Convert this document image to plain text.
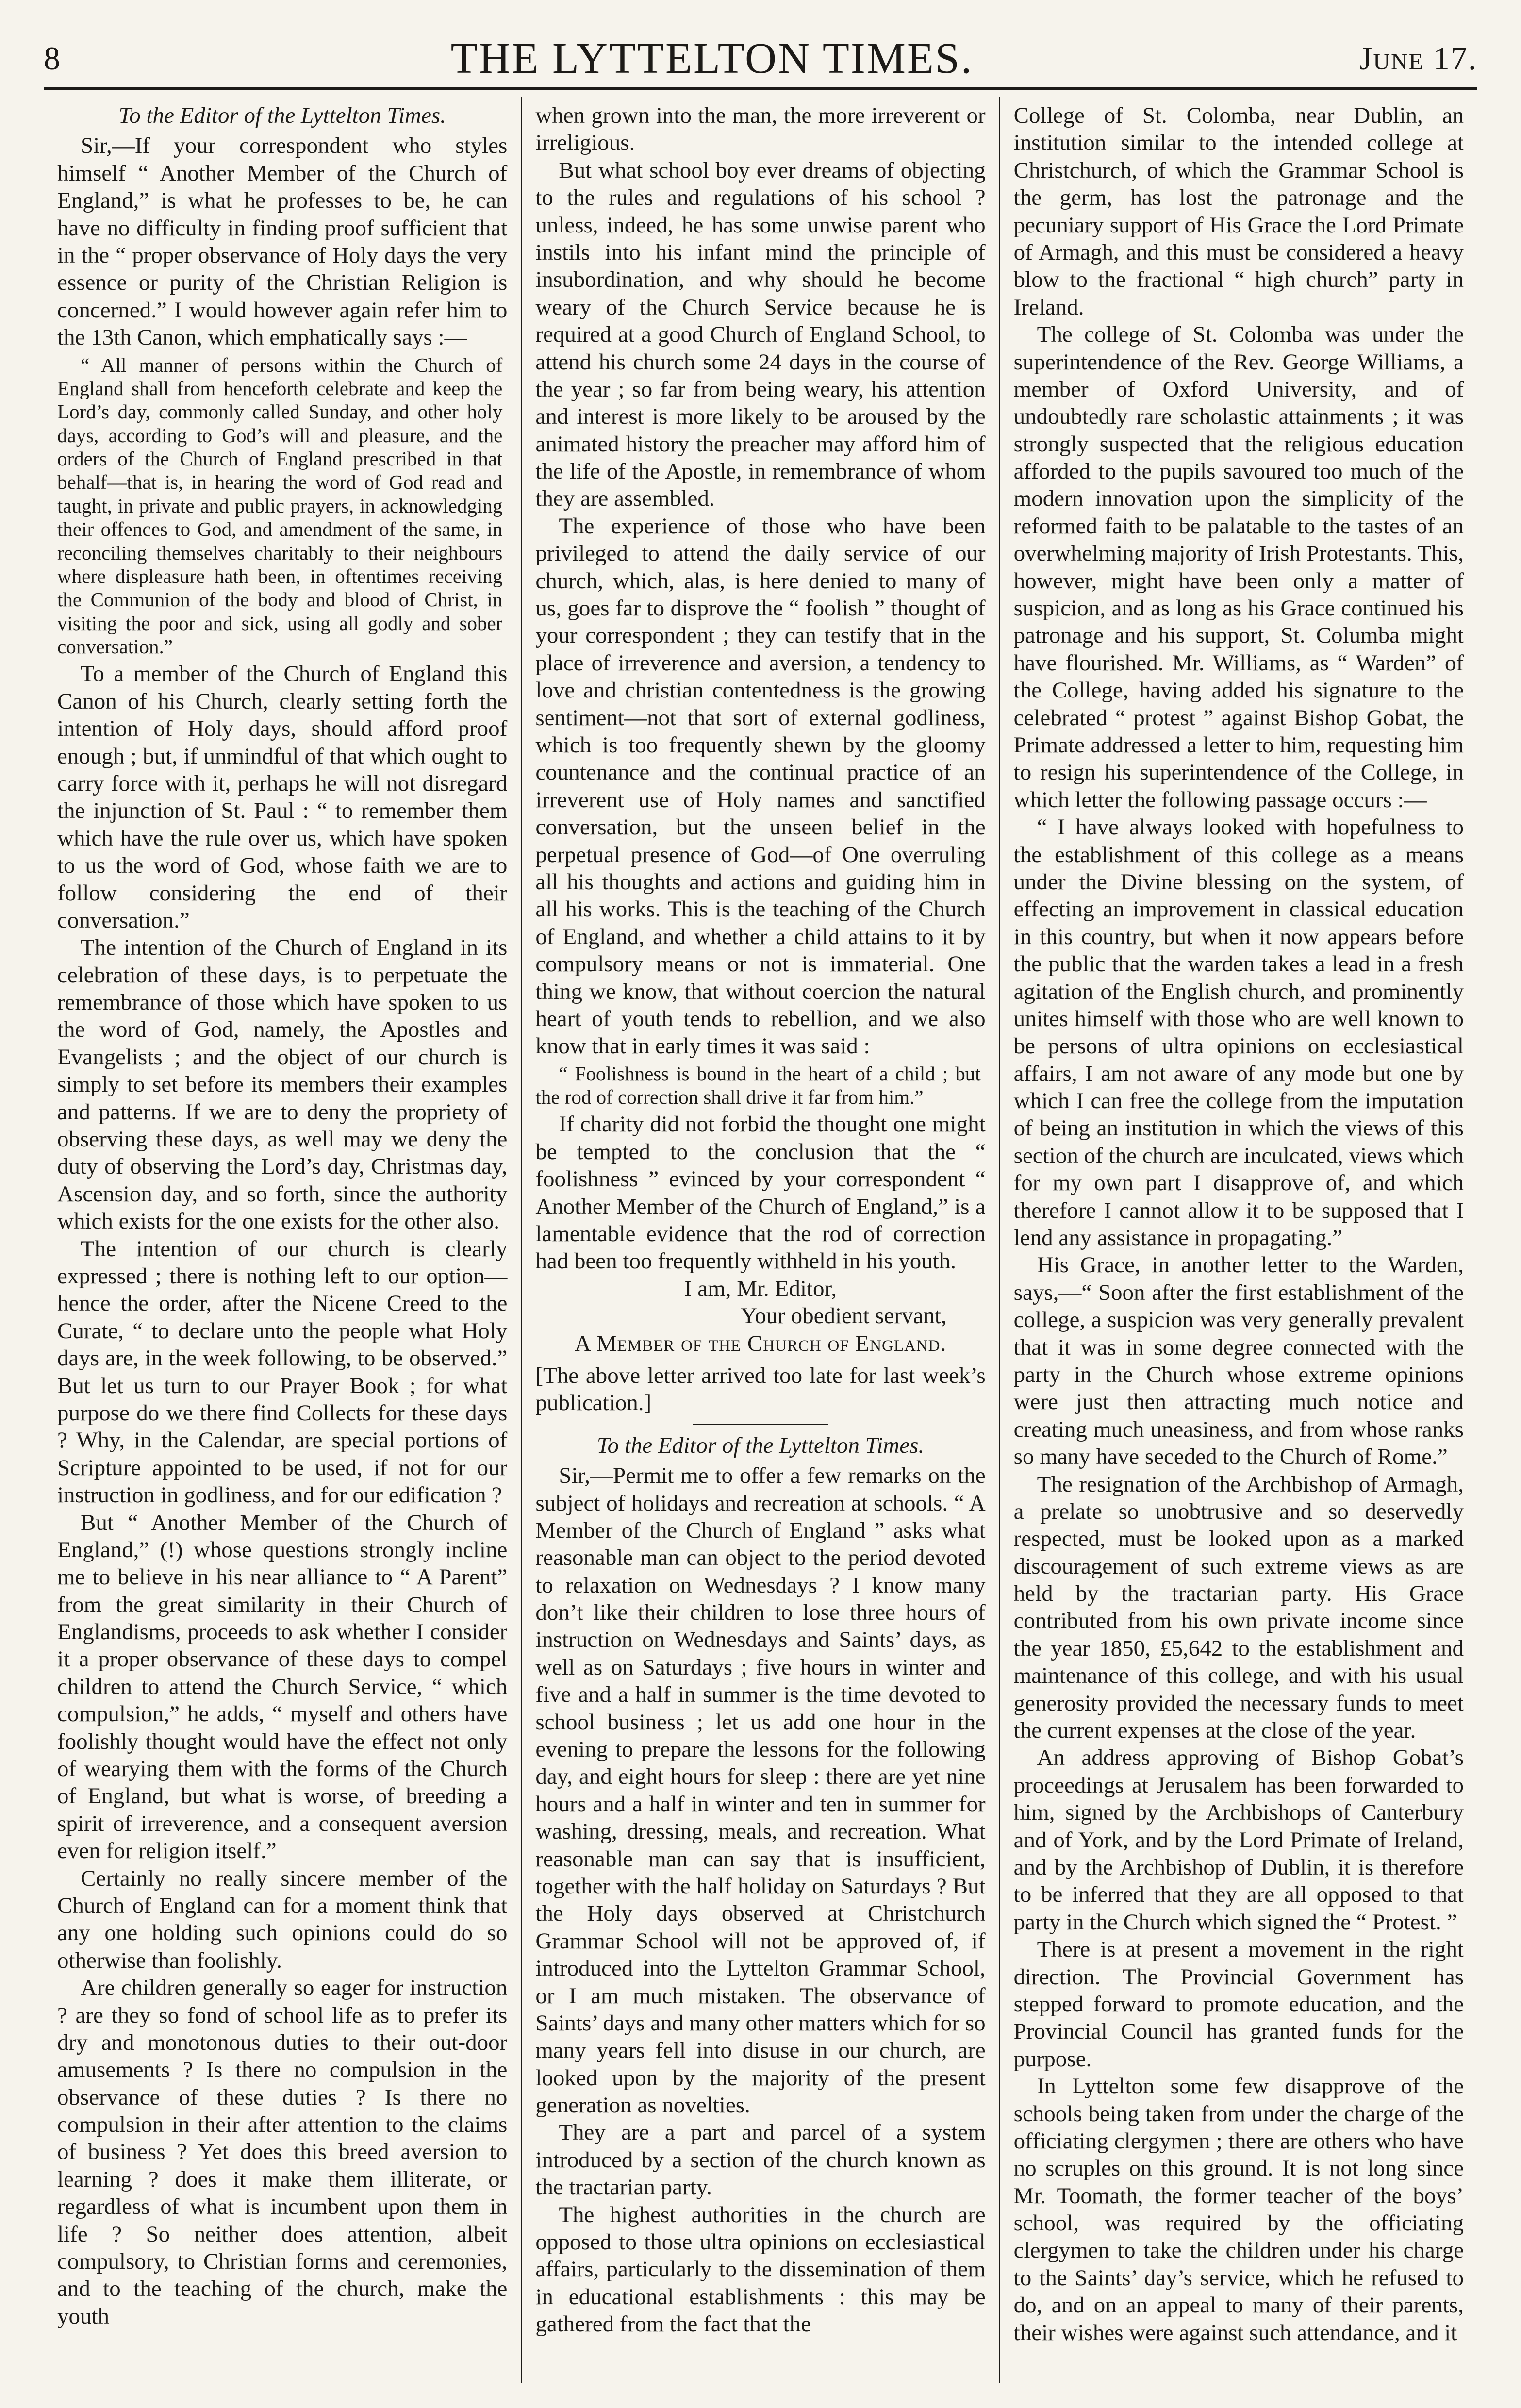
8	THE LYTTELTON TIMES.	June 17.

To the Editor of the Lyttelton Times.

Sir,—If your correspondent who styles himself “ Another Member of the Church of England,” is what he professes to be, he can have no difficulty in finding proof sufficient that in the “ proper observance of Holy days the very essence or purity of the Christian Religion is concerned.” I would however again refer him to the 13th Canon, which emphatically says :—

“ All manner of persons within the Church of England shall from henceforth celebrate and keep the Lord’s day, commonly called Sunday, and other holy days, according to God’s will and pleasure, and the orders of the Church of England prescribed in that behalf—that is, in hearing the word of God read and taught, in private and public prayers, in acknowledging their offences to God, and amendment of the same, in reconciling themselves charitably to their neighbours where displeasure hath been, in oftentimes receiving the Communion of the body and blood of Christ, in visiting the poor and sick, using all godly and sober conversation.”

To a member of the Church of England this Canon of his Church, clearly setting forth the intention of Holy days, should afford proof enough ; but, if unmindful of that which ought to carry force with it, perhaps he will not disregard the injunction of St. Paul : “ to remember them which have the rule over us, which have spoken to us the word of God, whose faith we are to follow considering the end of their conversation.”

The intention of the Church of England in its celebration of these days, is to perpetuate the remembrance of those which have spoken to us the word of God, namely, the Apostles and Evangelists ; and the object of our church is simply to set before its members their examples and patterns. If we are to deny the propriety of observing these days, as well may we deny the duty of observing the Lord’s day, Christmas day, Ascension day, and so forth, since the authority which exists for the one exists for the other also.

The intention of our church is clearly expressed ; there is nothing left to our option—hence the order, after the Nicene Creed to the Curate, “ to declare unto the people what Holy days are, in the week following, to be observed.” But let us turn to our Prayer Book ; for what purpose do we there find Collects for these days ? Why, in the Calendar, are special portions of Scripture appointed to be used, if not for our instruction in godliness, and for our edification ?

But “ Another Member of the Church of England,” (!) whose questions strongly incline me to believe in his near alliance to “ A Parent” from the great similarity in their Church of Englandisms, proceeds to ask whether I consider it a proper observance of these days to compel children to attend the Church Service, “ which compulsion,” he adds, “ myself and others have foolishly thought would have the effect not only of wearying them with the forms of the Church of England, but what is worse, of breeding a spirit of irreverence, and a consequent aversion even for religion itself.”

Certainly no really sincere member of the Church of England can for a moment think that any one holding such opinions could do so otherwise than foolishly.

Are children generally so eager for instruction ? are they so fond of school life as to prefer its dry and monotonous duties to their out-door amusements ? Is there no compulsion in the observance of these duties ? Is there no compulsion in their after attention to the claims of business ? Yet does this breed aversion to learning ? does it make them illiterate, or regardless of what is incumbent upon them in life ? So neither does attention, albeit compulsory, to Christian forms and ceremonies, and to the teaching of the church, make the youth

when grown into the man, the more irreverent or irreligious.

But what school boy ever dreams of objecting to the rules and regulations of his school ? unless, indeed, he has some unwise parent who instils into his infant mind the principle of insubordination, and why should he become weary of the Church Service because he is required at a good Church of England School, to attend his church some 24 days in the course of the year ; so far from being weary, his attention and interest is more likely to be aroused by the animated history the preacher may afford him of the life of the Apostle, in remembrance of whom they are assembled.

The experience of those who have been privileged to attend the daily service of our church, which, alas, is here denied to many of us, goes far to disprove the “ foolish ” thought of your correspondent ; they can testify that in the place of irreverence and aversion, a tendency to love and christian contentedness is the growing sentiment—not that sort of external godliness, which is too frequently shewn by the gloomy countenance and the continual practice of an irreverent use of Holy names and sanctified conversation, but the unseen belief in the perpetual presence of God—of One overruling all his thoughts and actions and guiding him in all his works. This is the teaching of the Church of England, and whether a child attains to it by compulsory means or not is immaterial. One thing we know, that without coercion the natural heart of youth tends to rebellion, and we also know that in early times it was said :

“ Foolishness is bound in the heart of a child ; but the rod of correction shall drive it far from him.”

If charity did not forbid the thought one might be tempted to the conclusion that the “ foolishness ” evinced by your correspondent “ Another Member of the Church of England,” is a lamentable evidence that the rod of correction had been too frequently withheld in his youth.

I am, Mr. Editor,

Your obedient servant,

A Member of the Church of England.

[The above letter arrived too late for last week’s publication.]

To the Editor of the Lyttelton Times.

Sir,—Permit me to offer a few remarks on the subject of holidays and recreation at schools. “ A Member of the Church of England ” asks what reasonable man can object to the period devoted to relaxation on Wednesdays ? I know many don’t like their children to lose three hours of instruction on Wednesdays and Saints’ days, as well as on Saturdays ; five hours in winter and five and a half in summer is the time devoted to school business ; let us add one hour in the evening to prepare the lessons for the following day, and eight hours for sleep : there are yet nine hours and a half in winter and ten in summer for washing, dressing, meals, and recreation. What reasonable man can say that is insufficient, together with the half holiday on Saturdays ? But the Holy days observed at Christchurch Grammar School will not be approved of, if introduced into the Lyttelton Grammar School, or I am much mistaken. The observance of Saints’ days and many other matters which for so many years fell into disuse in our church, are looked upon by the majority of the present generation as novelties.

They are a part and parcel of a system introduced by a section of the church known as the tractarian party.

The highest authorities in the church are opposed to those ultra opinions on ecclesiastical affairs, particularly to the dissemination of them in educational establishments : this may be gathered from the fact that the

College of St. Colomba, near Dublin, an institution similar to the intended college at Christchurch, of which the Grammar School is the germ, has lost the patronage and the pecuniary support of His Grace the Lord Primate of Armagh, and this must be considered a heavy blow to the fractional “ high church” party in Ireland.

The college of St. Colomba was under the superintendence of the Rev. George Williams, a member of Oxford University, and of undoubtedly rare scholastic attainments ; it was strongly suspected that the religious education afforded to the pupils savoured too much of the modern innovation upon the simplicity of the reformed faith to be palatable to the tastes of an overwhelming majority of Irish Protestants. This, however, might have been only a matter of suspicion, and as long as his Grace continued his patronage and his support, St. Columba might have flourished. Mr. Williams, as “ Warden” of the College, having added his signature to the celebrated “ protest ” against Bishop Gobat, the Primate addressed a letter to him, requesting him to resign his superintendence of the College, in which letter the following passage occurs :—

“ I have always looked with hopefulness to the establishment of this college as a means under the Divine blessing on the system, of effecting an improvement in classical education in this country, but when it now appears before the public that the warden takes a lead in a fresh agitation of the English church, and prominently unites himself with those who are well known to be persons of ultra opinions on ecclesiastical affairs, I am not aware of any mode but one by which I can free the college from the imputation of being an institution in which the views of this section of the church are inculcated, views which for my own part I disapprove of, and which therefore I cannot allow it to be supposed that I lend any assistance in propagating.”

His Grace, in another letter to the Warden, says,—“ Soon after the first establishment of the college, a suspicion was very generally prevalent that it was in some degree connected with the party in the Church whose extreme opinions were just then attracting much notice and creating much uneasiness, and from whose ranks so many have seceded to the Church of Rome.”

The resignation of the Archbishop of Armagh, a prelate so unobtrusive and so deservedly respected, must be looked upon as a marked discouragement of such extreme views as are held by the tractarian party. His Grace contributed from his own private income since the year 1850, £5,642 to the establishment and maintenance of this college, and with his usual generosity provided the necessary funds to meet the current expenses at the close of the year.

An address approving of Bishop Gobat’s proceedings at Jerusalem has been forwarded to him, signed by the Archbishops of Canterbury and of York, and by the Lord Primate of Ireland, and by the Archbishop of Dublin, it is therefore to be inferred that they are all opposed to that party in the Church which signed the “ Protest. ”

There is at present a movement in the right direction. The Provincial Government has stepped forward to promote education, and the Provincial Council has granted funds for the purpose.

In Lyttelton some few disapprove of the schools being taken from under the charge of the officiating clergymen ; there are others who have no scruples on this ground. It is not long since Mr. Toomath, the former teacher of the boys’ school, was required by the officiating clergymen to take the children under his charge to the Saints’ day’s service, which he refused to do, and on an appeal to many of their parents, their wishes were against such attendance, and it
